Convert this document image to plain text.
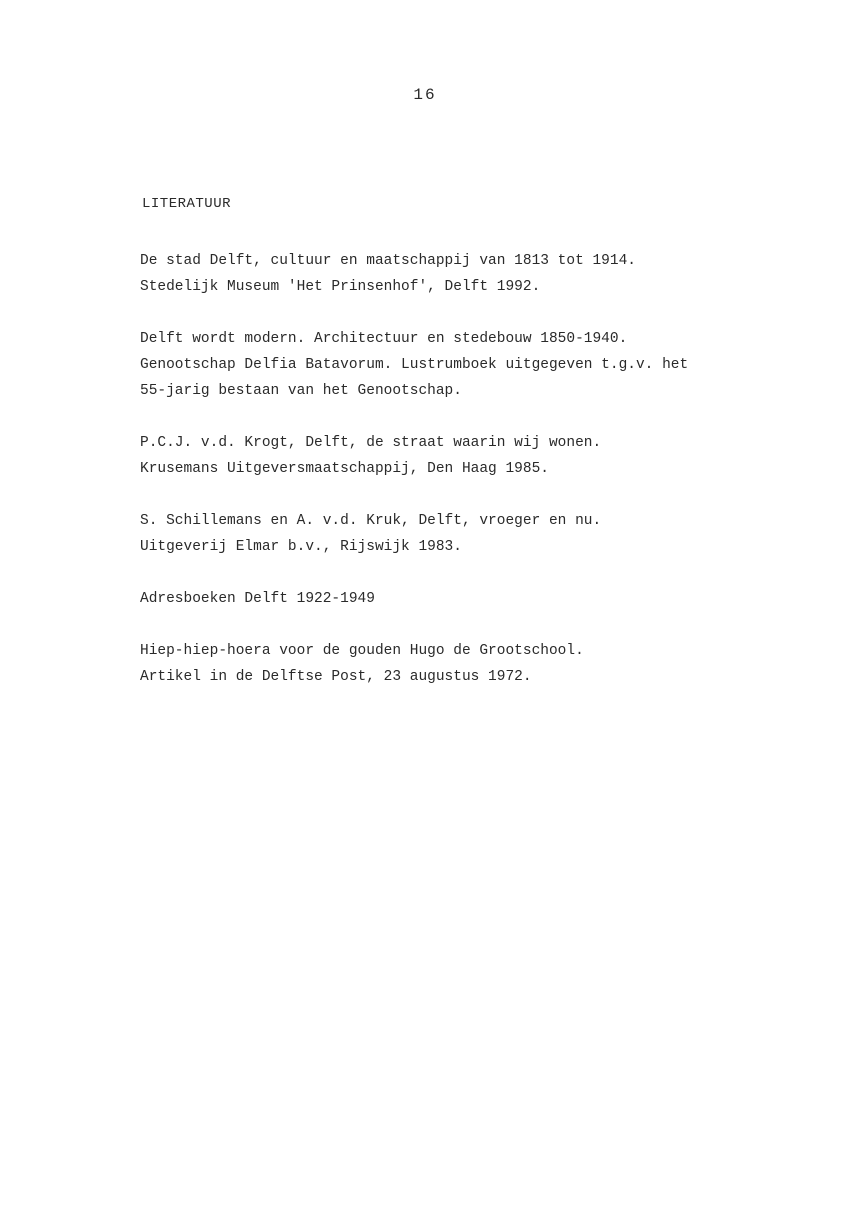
16
LITERATUUR
De stad Delft, cultuur en maatschappij van 1813 tot 1914.
Stedelijk Museum 'Het Prinsenhof', Delft 1992.
Delft wordt modern. Architectuur en stedebouw 1850-1940.
Genootschap Delfia Batavorum. Lustrumboek uitgegeven t.g.v. het
55-jarig bestaan van het Genootschap.
P.C.J. v.d. Krogt, Delft, de straat waarin wij wonen.
Krusemans Uitgeversmaatschappij, Den Haag 1985.
S. Schillemans en A. v.d. Kruk, Delft, vroeger en nu.
Uitgeverij Elmar b.v., Rijswijk 1983.
Adresboeken Delft 1922-1949
Hiep-hiep-hoera voor de gouden Hugo de Grootschool.
Artikel in de Delftse Post, 23 augustus 1972.
